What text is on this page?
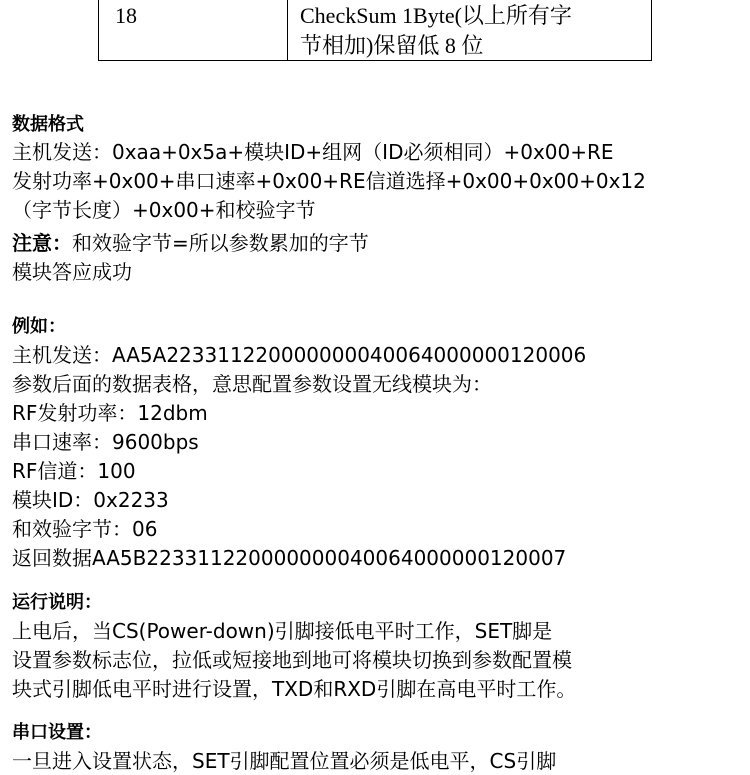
18	CheckSum 1Byte(以上所有字
节相加)保留低 8 位
数据格式
主机发送：0xaa+0x5a+模块ID+组网（ID必须相同）+0x00+RE
发射功率+0x00+串口速率+0x00+RE信道选择+0x00+0x00+0x12
（字节长度）+0x00+和校验字节
注意：和效验字节=所以参数累加的字节
模块答应成功
例如：
主机发送：AA5A223311220000000040064000000120006
参数后面的数据表格，意思配置参数设置无线模块为：
RF发射功率：12dbm
串口速率：9600bps
RF信道：100
模块ID：0x2233
和效验字节：06
返回数据AA5B223311220000000040064000000120007
运行说明：
上电后，当CS(Power-down)引脚接低电平时工作，SET脚是
设置参数标志位，拉低或短接地到地可将模块切换到参数配置模
块式引脚低电平时进行设置，TXD和RXD引脚在高电平时工作。
串口设置：
一旦进入设置状态，SET引脚配置位置必须是低电平，CS引脚
